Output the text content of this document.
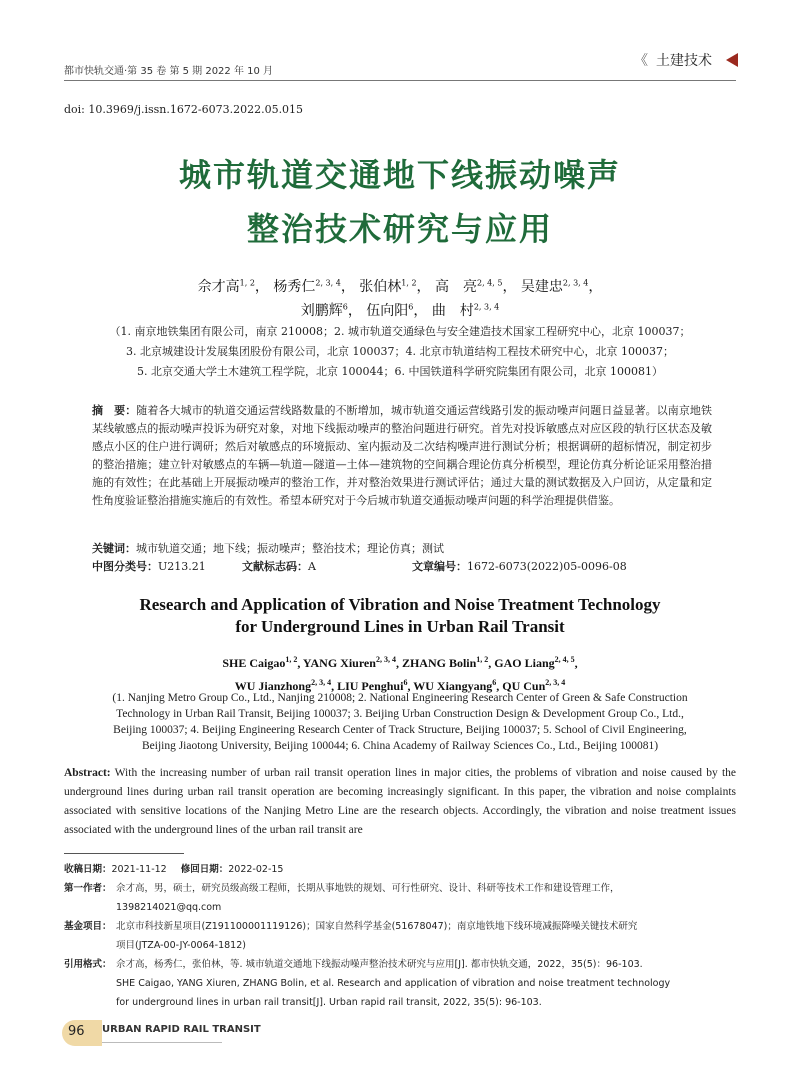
都市快轨交通·第 35 卷 第 5 期 2022 年 10 月
《 土建技术
doi: 10.3969/j.issn.1672-6073.2022.05.015
城市轨道交通地下线振动噪声
整治技术研究与应用
佘才高$^{1, 2}$， 杨秀仁$^{2, 3, 4}$， 张伯林$^{1, 2}$， 高　亮$^{2, 4, 5}$， 吴建忠$^{2, 3, 4}$，
刘鹏辉$^6$， 伍向阳$^6$， 曲　村$^{2, 3, 4}$
（1. 南京地铁集团有限公司，南京 210008；2. 城市轨道交通绿色与安全建造技术国家工程研究中心，北京 100037；
3. 北京城建设计发展集团股份有限公司，北京 100037；4. 北京市轨道结构工程技术研究中心，北京 100037；
5. 北京交通大学土木建筑工程学院，北京 100044；6. 中国铁道科学研究院集团有限公司，北京 100081）
摘　要：随着各大城市的轨道交通运营线路数量的不断增加，城市轨道交通运营线路引发的振动噪声问题日益显著。以南京地铁某线敏感点的振动噪声投诉为研究对象，对地下线振动噪声的整治问题进行研究。首先对投诉敏感点对应区段的轨行区状态及敏感点小区的住户进行调研；然后对敏感点的环境振动、室内振动及二次结构噪声进行测试分析；根据调研的超标情况，制定初步的整治措施；建立针对敏感点的车辆—轨道—隧道—土体—建筑物的空间耦合理论仿真分析模型，理论仿真分析论证采用整治措施的有效性；在此基础上开展振动噪声的整治工作，并对整治效果进行测试评估；通过大量的测试数据及入户回访，从定量和定性角度验证整治措施实施后的有效性。希望本研究对于今后城市轨道交通振动噪声问题的科学治理提供借鉴。
关键词：城市轨道交通；地下线；振动噪声；整治技术；理论仿真；测试
中图分类号：U213.21	文献标志码：A	文章编号：1672-6073(2022)05-0096-08
Research and Application of Vibration and Noise Treatment Technology
for Underground Lines in Urban Rail Transit
SHE Caigao$^{1, 2}$, YANG Xiuren$^{2, 3, 4}$, ZHANG Bolin$^{1, 2}$, GAO Liang$^{2, 4, 5}$,
WU Jianzhong$^{2, 3, 4}$, LIU Penghui$^6$, WU Xiangyang$^6$, QU Cun$^{2, 3, 4}$
(1. Nanjing Metro Group Co., Ltd., Nanjing 210008; 2. National Engineering Research Center of Green & Safe Construction
Technology in Urban Rail Transit, Beijing 100037; 3. Beijing Urban Construction Design & Development Group Co., Ltd.,
Beijing 100037; 4. Beijing Engineering Research Center of Track Structure, Beijing 100037; 5. School of Civil Engineering,
Beijing Jiaotong University, Beijing 100044; 6. China Academy of Railway Sciences Co., Ltd., Beijing 100081)
Abstract: With the increasing number of urban rail transit operation lines in major cities, the problems of vibration and noise caused by the underground lines during urban rail transit operation are becoming increasingly significant. In this paper, the vibration and noise complaints associated with sensitive locations of the Nanjing Metro Line are the research objects. Accordingly, the vibration and noise treatment issues associated with the underground lines of the urban rail transit are
收稿日期：2021-11-12 修回日期：2022-02-15
第一作者： 佘才高，男，硕士，研究员级高级工程师，长期从事地铁的规划、可行性研究、设计、科研等技术工作和建设管理工作，
1398214021@qq.com
基金项目： 北京市科技新星项目(Z191100001119126)；国家自然科学基金(51678047)；南京地铁地下线环境减振降噪关键技术研究
项目(JTZA-00-JY-0064-1812)
引用格式： 佘才高，杨秀仁，张伯林，等. 城市轨道交通地下线振动噪声整治技术研究与应用[J]. 都市快轨交通，2022，35(5)：96-103.
SHE Caigao, YANG Xiuren, ZHANG Bolin, et al. Research and application of vibration and noise treatment technology
for underground lines in urban rail transit[J]. Urban rapid rail transit, 2022, 35(5): 96-103.
96 URBAN RAPID RAIL TRANSIT
